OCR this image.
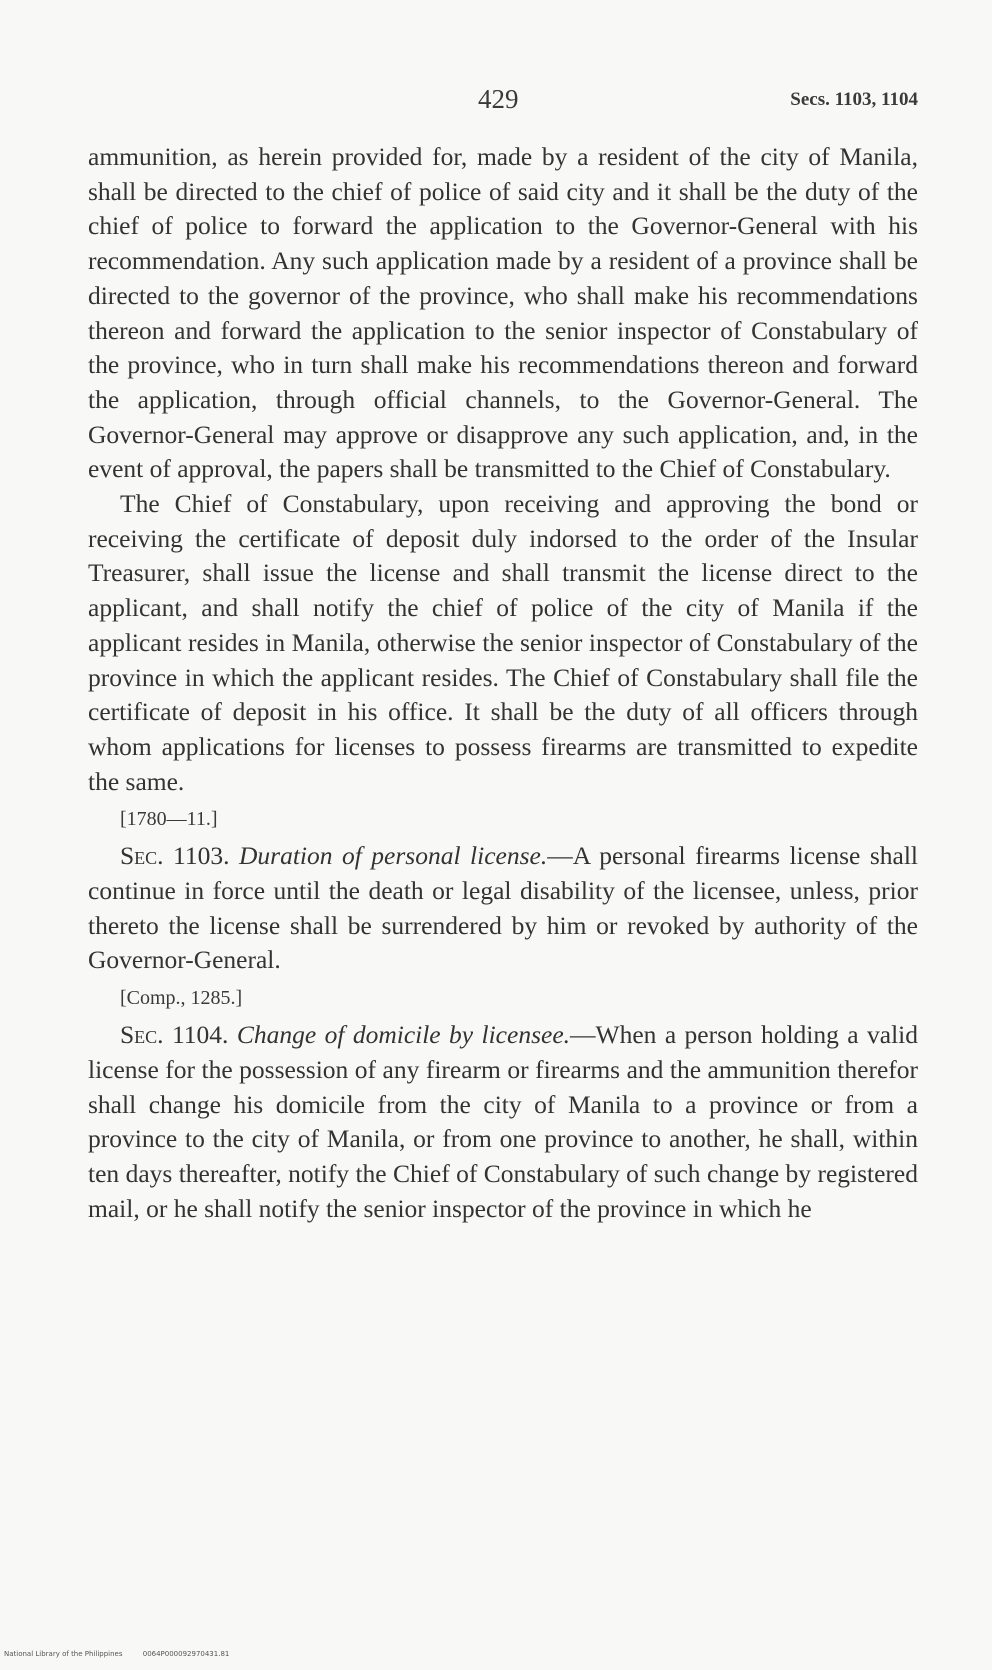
429	Secs. 1103, 1104

ammunition, as herein provided for, made by a resident of the city of Manila, shall be directed to the chief of police of said city and it shall be the duty of the chief of police to forward the application to the Governor-General with his recommendation. Any such application made by a resident of a province shall be directed to the governor of the province, who shall make his recommendations thereon and forward the application to the senior inspector of Constabulary of the province, who in turn shall make his recommendations thereon and forward the application, through official channels, to the Governor-General. The Governor-General may approve or disapprove any such application, and, in the event of approval, the papers shall be transmitted to the Chief of Constabulary.

The Chief of Constabulary, upon receiving and approving the bond or receiving the certificate of deposit duly indorsed to the order of the Insular Treasurer, shall issue the license and shall transmit the license direct to the applicant, and shall notify the chief of police of the city of Manila if the applicant resides in Manila, otherwise the senior inspector of Constabulary of the province in which the applicant resides. The Chief of Constabulary shall file the certificate of deposit in his office. It shall be the duty of all officers through whom applications for licenses to possess firearms are transmitted to expedite the same.

[1780—11.]

Sec. 1103. Duration of personal license.—A personal firearms license shall continue in force until the death or legal disability of the licensee, unless, prior thereto the license shall be surrendered by him or revoked by authority of the Governor-General.

[Comp., 1285.]

Sec. 1104. Change of domicile by licensee.—When a person holding a valid license for the possession of any firearm or firearms and the ammunition therefor shall change his domicile from the city of Manila to a province or from a province to the city of Manila, or from one province to another, he shall, within ten days thereafter, notify the Chief of Constabulary of such change by registered mail, or he shall notify the senior inspector of the province in which he

National Library of the Philippines	0064P000092970431.81
